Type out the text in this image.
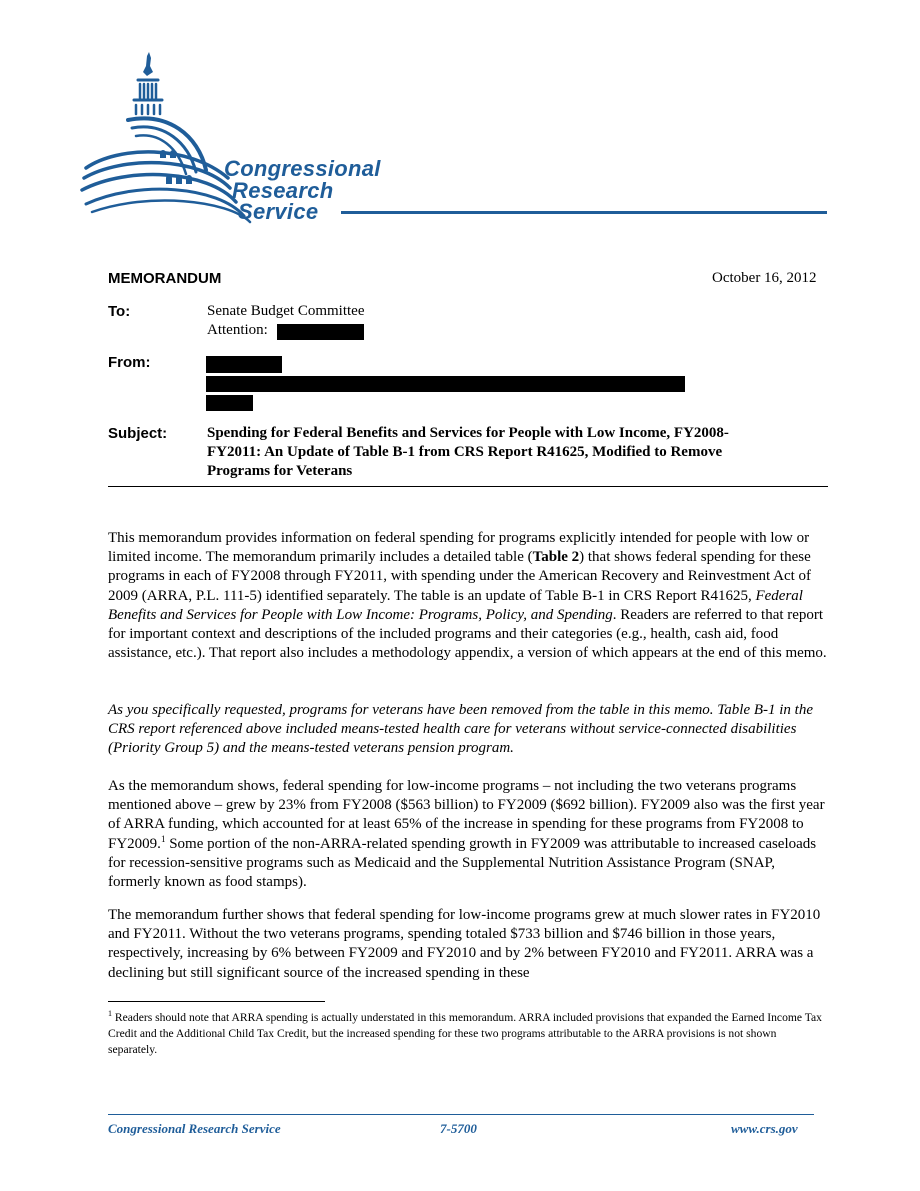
Congressional
Research
Service
MEMORANDUM	October 16, 2012
To:	Senate Budget Committee
Attention:
From:
Subject:	Spending for Federal Benefits and Services for People with Low Income, FY2008-
FY2011: An Update of Table B-1 from CRS Report R41625, Modified to Remove
Programs for Veterans

This memorandum provides information on federal spending for programs explicitly intended for people with low or limited income. The memorandum primarily includes a detailed table (Table 2) that shows federal spending for these programs in each of FY2008 through FY2011, with spending under the American Recovery and Reinvestment Act of 2009 (ARRA, P.L. 111-5) identified separately. The table is an update of Table B-1 in CRS Report R41625, Federal Benefits and Services for People with Low Income: Programs, Policy, and Spending. Readers are referred to that report for important context and descriptions of the included programs and their categories (e.g., health, cash aid, food assistance, etc.). That report also includes a methodology appendix, a version of which appears at the end of this memo.

As you specifically requested, programs for veterans have been removed from the table in this memo. Table B-1 in the CRS report referenced above included means-tested health care for veterans without service-connected disabilities (Priority Group 5) and the means-tested veterans pension program.

As the memorandum shows, federal spending for low-income programs – not including the two veterans programs mentioned above – grew by 23% from FY2008 ($563 billion) to FY2009 ($692 billion). FY2009 also was the first year of ARRA funding, which accounted for at least 65% of the increase in spending for these programs from FY2008 to FY2009.$^1$ Some portion of the non-ARRA-related spending growth in FY2009 was attributable to increased caseloads for recession-sensitive programs such as Medicaid and the Supplemental Nutrition Assistance Program (SNAP, formerly known as food stamps).

The memorandum further shows that federal spending for low-income programs grew at much slower rates in FY2010 and FY2011. Without the two veterans programs, spending totaled $733 billion and $746 billion in those years, respectively, increasing by 6% between FY2009 and FY2010 and by 2% between FY2010 and FY2011. ARRA was a declining but still significant source of the increased spending in these

$^1$ Readers should note that ARRA spending is actually understated in this memorandum. ARRA included provisions that expanded the Earned Income Tax Credit and the Additional Child Tax Credit, but the increased spending for these two programs attributable to the ARRA provisions is not shown separately.

Congressional Research Service	7-5700	www.crs.gov
